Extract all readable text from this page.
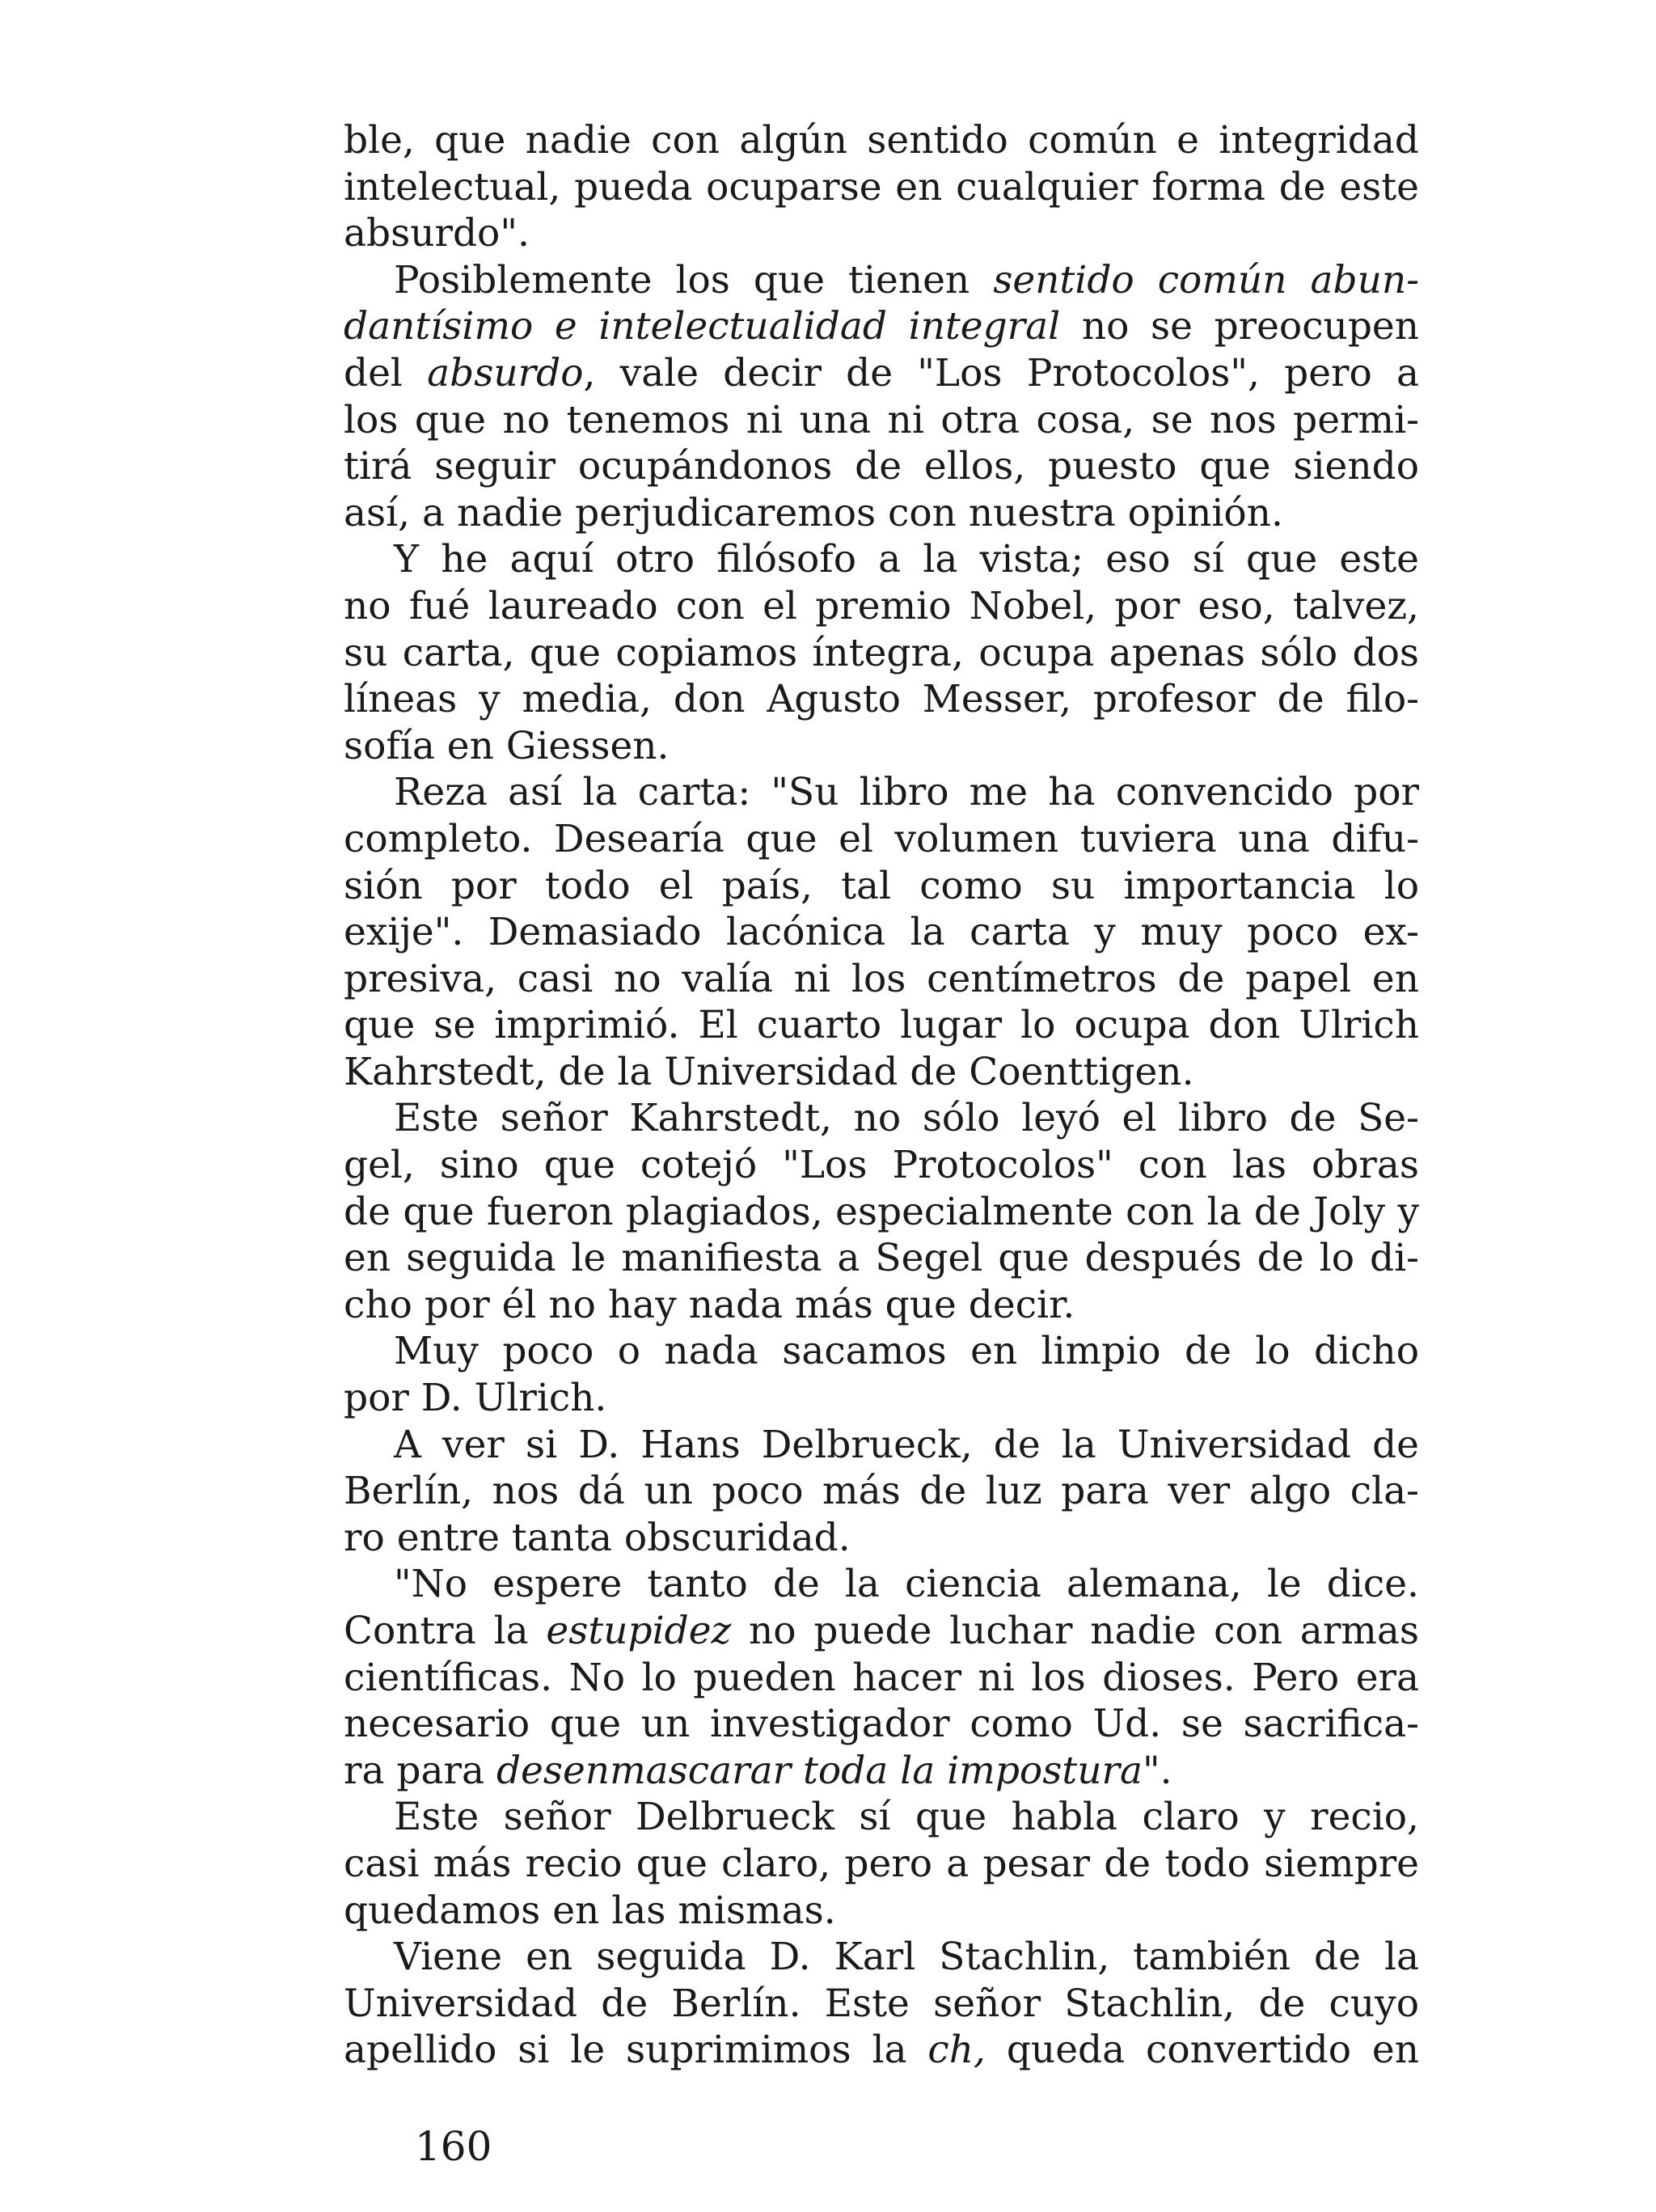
ble, que nadie con algún sentido común e integridad
intelectual, pueda ocuparse en cualquier forma de este
absurdo".
Posiblemente los que tienen sentido común abun-
dantísimo e intelectualidad integral no se preocupen
del absurdo, vale decir de "Los Protocolos", pero a
los que no tenemos ni una ni otra cosa, se nos permi-
tirá seguir ocupándonos de ellos, puesto que siendo
así, a nadie perjudicaremos con nuestra opinión.
Y he aquí otro filósofo a la vista; eso sí que este
no fué laureado con el premio Nobel, por eso, talvez,
su carta, que copiamos íntegra, ocupa apenas sólo dos
líneas y media, don Agusto Messer, profesor de filo-
sofía en Giessen.
Reza así la carta: "Su libro me ha convencido por
completo. Desearía que el volumen tuviera una difu-
sión por todo el país, tal como su importancia lo
exije". Demasiado lacónica la carta y muy poco ex-
presiva, casi no valía ni los centímetros de papel en
que se imprimió. El cuarto lugar lo ocupa don Ulrich
Kahrstedt, de la Universidad de Coenttigen.
Este señor Kahrstedt, no sólo leyó el libro de Se-
gel, sino que cotejó "Los Protocolos" con las obras
de que fueron plagiados, especialmente con la de Joly y
en seguida le manifiesta a Segel que después de lo di-
cho por él no hay nada más que decir.
Muy poco o nada sacamos en limpio de lo dicho
por D. Ulrich.
A ver si D. Hans Delbrueck, de la Universidad de
Berlín, nos dá un poco más de luz para ver algo cla-
ro entre tanta obscuridad.
"No espere tanto de la ciencia alemana, le dice.
Contra la estupidez no puede luchar nadie con armas
científicas. No lo pueden hacer ni los dioses. Pero era
necesario que un investigador como Ud. se sacrifica-
ra para desenmascarar toda la impostura".
Este señor Delbrueck sí que habla claro y recio,
casi más recio que claro, pero a pesar de todo siempre
quedamos en las mismas.
Viene en seguida D. Karl Stachlin, también de la
Universidad de Berlín. Este señor Stachlin, de cuyo
apellido si le suprimimos la ch, queda convertido en
160
